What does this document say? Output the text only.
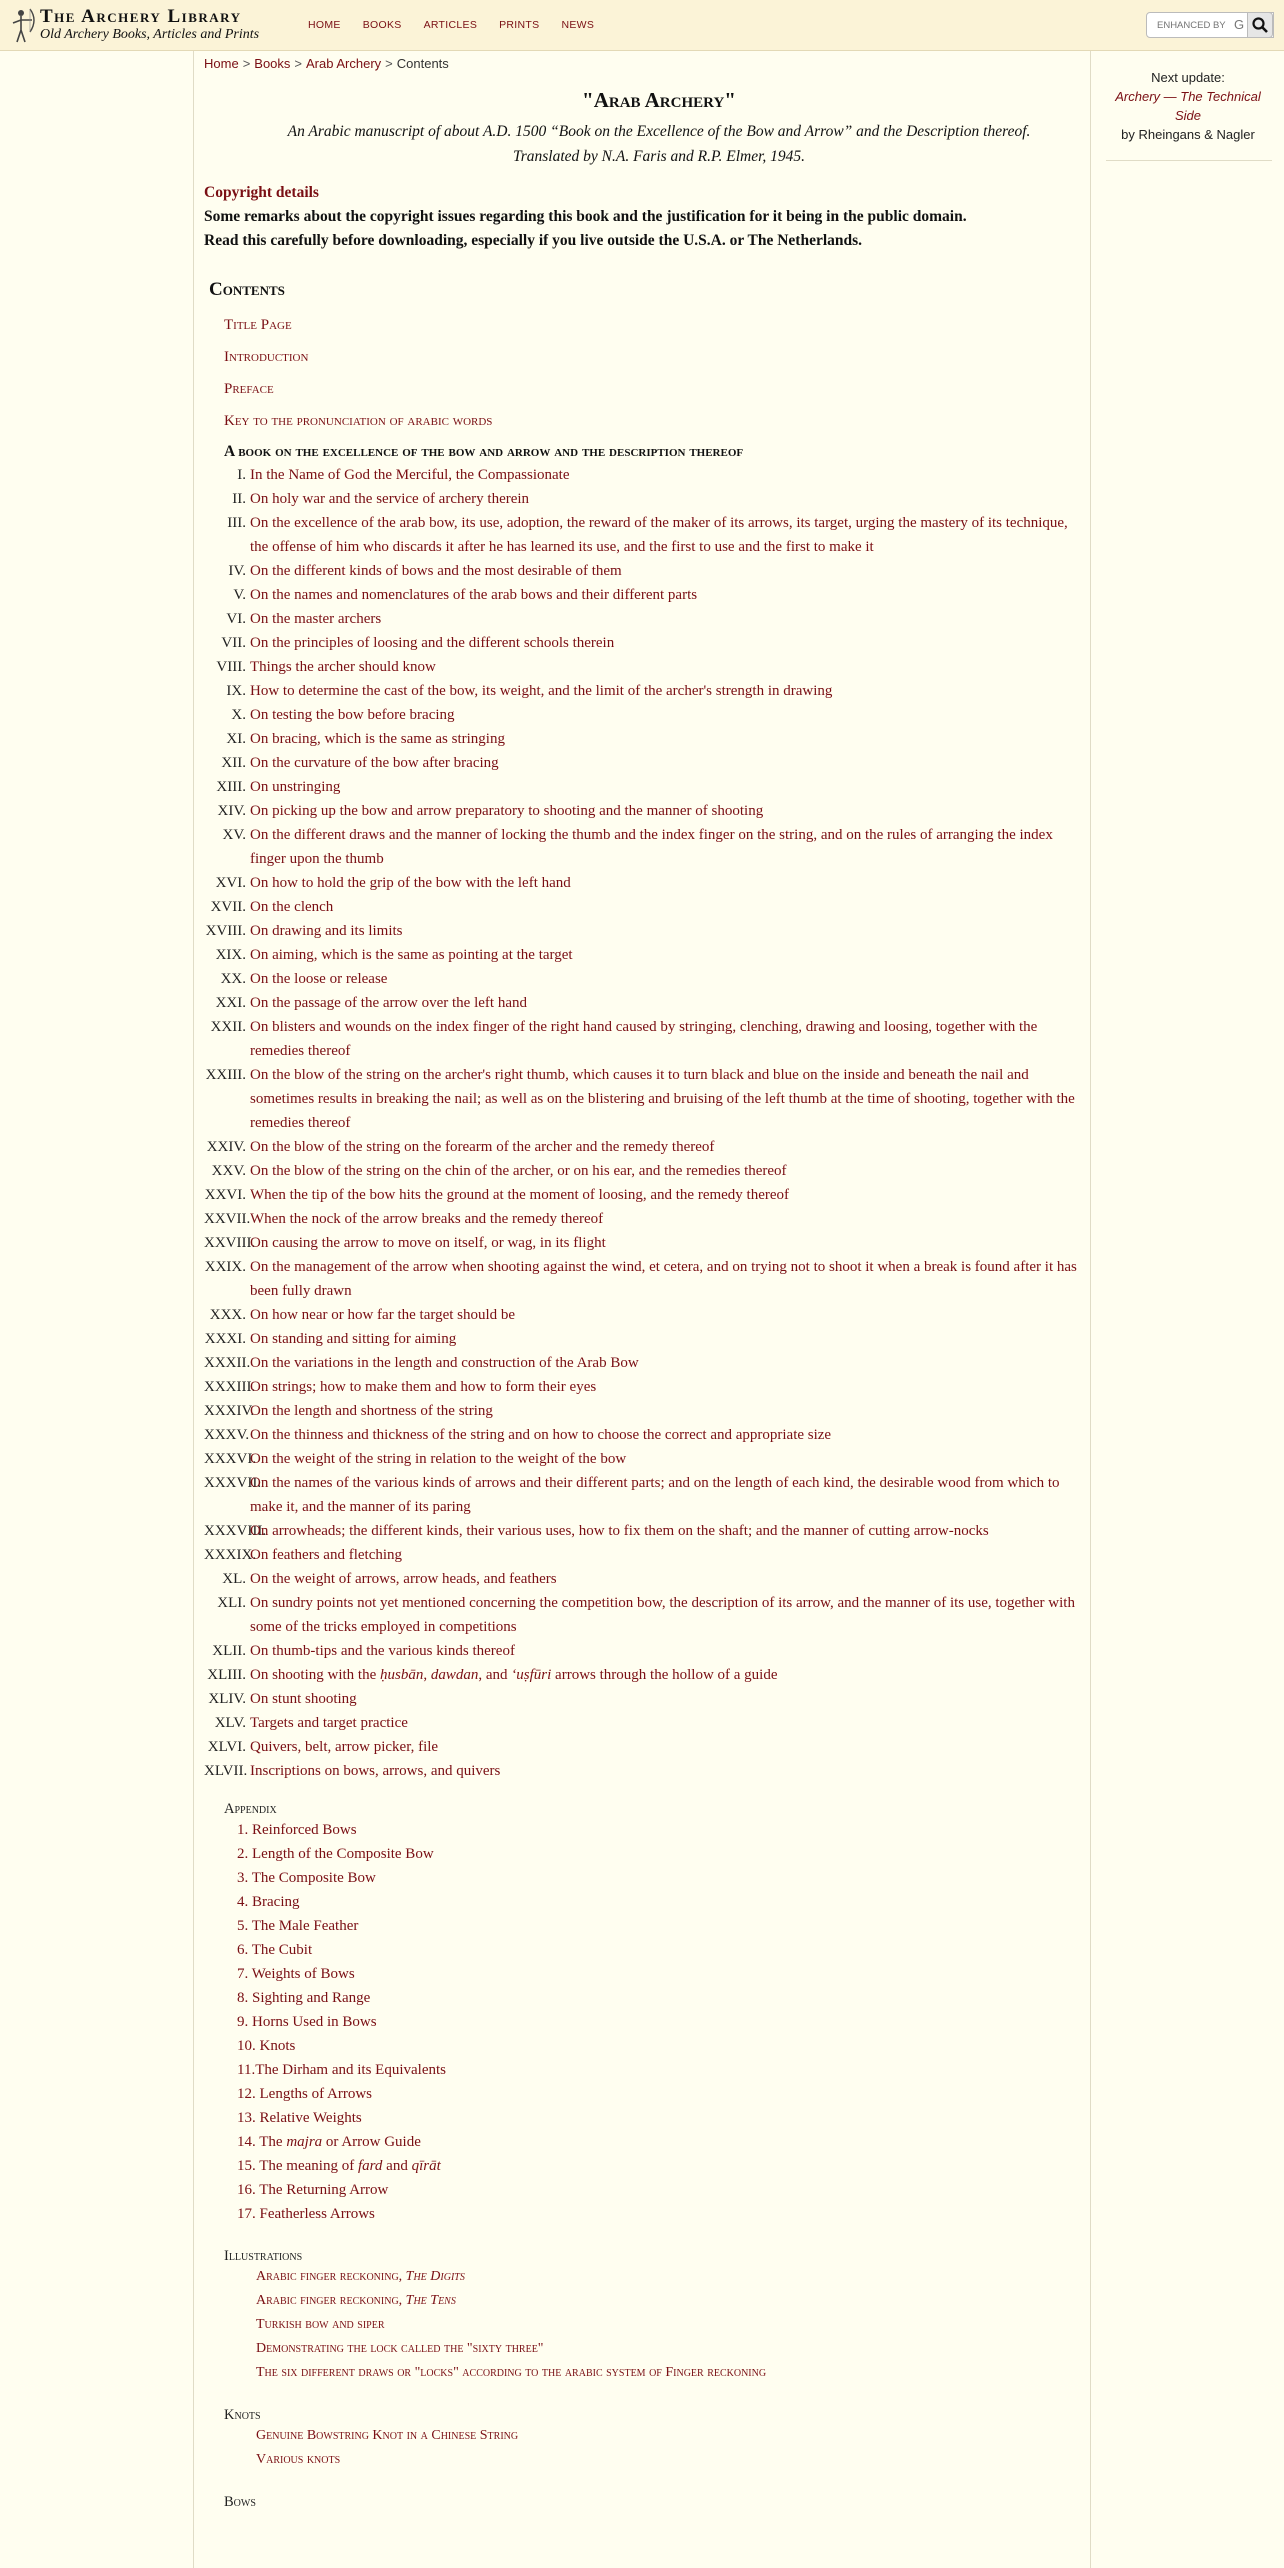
The Archery Library
Old Archery Books, Articles and Prints
HOME BOOKS ARTICLES PRINTS NEWS
ENHANCED BY	G
Home > Books > Arab Archery > Contents
"Arab Archery"
An Arabic manuscript of about A.D. 1500 “Book on the Excellence of the Bow and Arrow” and the Description thereof.
Translated by N.A. Faris and R.P. Elmer, 1945.
Copyright details
Some remarks about the copyright issues regarding this book and the justification for it being in the public domain.
Read this carefully before downloading, especially if you live outside the U.S.A. or The Netherlands.
Contents
Title Page
Introduction
Preface
Key to the pronunciation of arabic words
A book on the excellence of the bow and arrow and the description thereof
I. In the Name of God the Merciful, the Compassionate
II. On holy war and the service of archery therein
III. On the excellence of the arab bow, its use, adoption, the reward of the maker of its arrows, its target, urging the mastery of its technique, the offense of him who discards it after he has learned its use, and the first to use and the first to make it
IV. On the different kinds of bows and the most desirable of them
V. On the names and nomenclatures of the arab bows and their different parts
VI. On the master archers
VII. On the principles of loosing and the different schools therein
VIII. Things the archer should know
IX. How to determine the cast of the bow, its weight, and the limit of the archer's strength in drawing
X. On testing the bow before bracing
XI. On bracing, which is the same as stringing
XII. On the curvature of the bow after bracing
XIII. On unstringing
XIV. On picking up the bow and arrow preparatory to shooting and the manner of shooting
XV. On the different draws and the manner of locking the thumb and the index finger on the string, and on the rules of arranging the index finger upon the thumb
XVI. On how to hold the grip of the bow with the left hand
XVII. On the clench
XVIII. On drawing and its limits
XIX. On aiming, which is the same as pointing at the target
XX. On the loose or release
XXI. On the passage of the arrow over the left hand
XXII. On blisters and wounds on the index finger of the right hand caused by stringing, clenching, drawing and loosing, together with the remedies thereof
XXIII. On the blow of the string on the archer's right thumb, which causes it to turn black and blue on the inside and beneath the nail and sometimes results in breaking the nail; as well as on the blistering and bruising of the left thumb at the time of shooting, together with the remedies thereof
XXIV. On the blow of the string on the forearm of the archer and the remedy thereof
XXV. On the blow of the string on the chin of the archer, or on his ear, and the remedies thereof
XXVI. When the tip of the bow hits the ground at the moment of loosing, and the remedy thereof
XXVII. When the nock of the arrow breaks and the remedy thereof
XXVIII.
On causing the arrow to move on itself, or wag, in its flight
XXIX. On the management of the arrow when shooting against the wind, et cetera, and on trying not to shoot it when a break is found after it has been fully drawn
XXX. On how near or how far the target should be
XXXI. On standing and sitting for aiming
XXXII. On the variations in the length and construction of the Arab Bow
XXXIII.
On strings; how to make them and how to form their eyes
XXXIV.
On the length and shortness of the string
XXXV. On the thinness and thickness of the string and on how to choose the correct and appropriate size
XXXVI.
On the weight of the string in relation to the weight of the bow
XXXVII.
On the names of the various kinds of arrows and their different parts; and on the length of each kind, the desirable wood from which to make it, and the manner of its paring
XXXVIII.
On arrowheads; the different kinds, their various uses, how to fix them on the shaft; and the manner of cutting arrow-nocks
XXXIX.
On feathers and fletching
XL. On the weight of arrows, arrow heads, and feathers
XLI. On sundry points not yet mentioned concerning the competition bow, the description of its arrow, and the manner of its use, together with some of the tricks employed in competitions
XLII. On thumb-tips and the various kinds thereof
XLIII. On shooting with the ḥusbān, dawdan, and ‘uṣfūri arrows through the hollow of a guide
XLIV. On stunt shooting
XLV. Targets and target practice
XLVI. Quivers, belt, arrow picker, file
XLVII. Inscriptions on bows, arrows, and quivers
Appendix
1. Reinforced Bows
2. Length of the Composite Bow
3. The Composite Bow
4. Bracing
5. The Male Feather
6. The Cubit
7. Weights of Bows
8. Sighting and Range
9. Horns Used in Bows
10. Knots
11.The Dirham and its Equivalents
12. Lengths of Arrows
13. Relative Weights
14. The majra or Arrow Guide
15. The meaning of fard and qīrāt
16. The Returning Arrow
17. Featherless Arrows
Illustrations
Arabic finger reckoning, The Digits
Arabic finger reckoning, The Tens
Turkish bow and siper
Demonstrating the lock called the "sixty three"
The six different draws or "locks" according to the arabic system of Finger reckoning
Knots
Genuine Bowstring Knot in a Chinese String
Various knots
Bows
Next update:
Archery — The Technical Side
by Rheingans & Nagler
